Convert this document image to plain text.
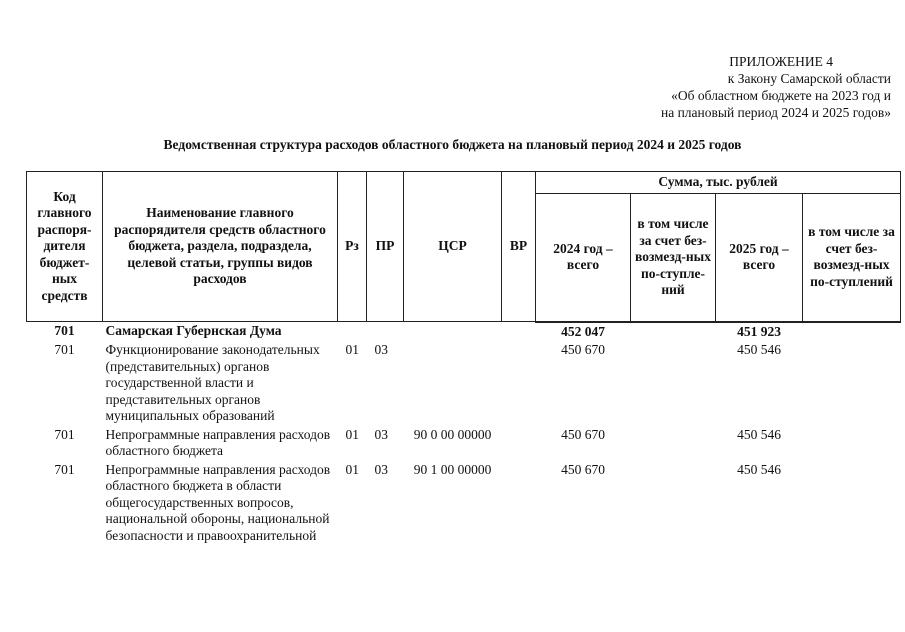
ПРИЛОЖЕНИЕ 4
к Закону Самарской области
«Об областном бюджете на 2023 год и
на плановый период 2024 и 2025 годов»
Ведомственная структура расходов областного бюджета на плановый период 2024 и 2025 годов
Код главного распоря-дителя бюджет-ных средств	Наименование главного распорядителя средств областного бюджета, раздела, подраздела, целевой статьи, группы видов расходов	Рз	ПР	ЦСР	ВР	Сумма, тыс. рублей			
						2024 год – всего	в том числе за счет без-возмезд-ных по-ступле-ний	2025 год – всего	в том числе за счет без-возмезд-ных по-ступлений
701	Самарская Губернская Дума					452 047		451 923	
701	Функционирование законодательных (представительных) органов государственной власти и представительных органов муниципальных образований	01	03			450 670		450 546	
701	Непрограммные направления расходов областного бюджета	01	03	90 0 00 00000		450 670		450 546	
701	Непрограммные направления расходов областного бюджета в области общегосударственных вопросов, национальной обороны, национальной безопасности и правоохранительной	01	03	90 1 00 00000		450 670		450 546	
